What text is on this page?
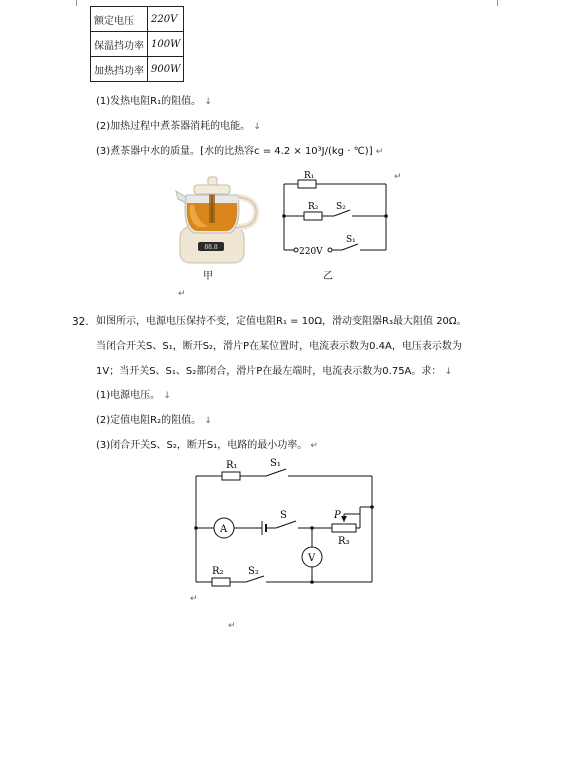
额定电压	220V
保温挡功率	100W
加热挡功率	900W
(1)发热电阻R₁的阻值。 ↓
(2)加热过程中煮茶器消耗的电能。 ↓
(3)煮茶器中水的质量。[水的比热容c = 4.2 × 10³J/(kg · ℃)] ↵
88.8
甲
R₁
R₂ S₂
220V
S₁
↵
乙
↵
32. 如图所示，电源电压保持不变，定值电阻R₁ = 10Ω，滑动变阻器R₃最大阻值 20Ω。
当闭合开关S、S₁，断开S₂，滑片P在某位置时，电流表示数为0.4A，电压表示数为
1V；当开关S、S₁、S₂都闭合，滑片P在最左端时，电流表示数为0.75A。求： ↓
(1)电源电压。 ↓
(2)定值电阻R₂的阻值。 ↓
(3)闭合开关S、S₂，断开S₁，电路的最小功率。 ↵
R₁	S₁
A
S	P
R₃
V
R₂ S₂
↵
↵
